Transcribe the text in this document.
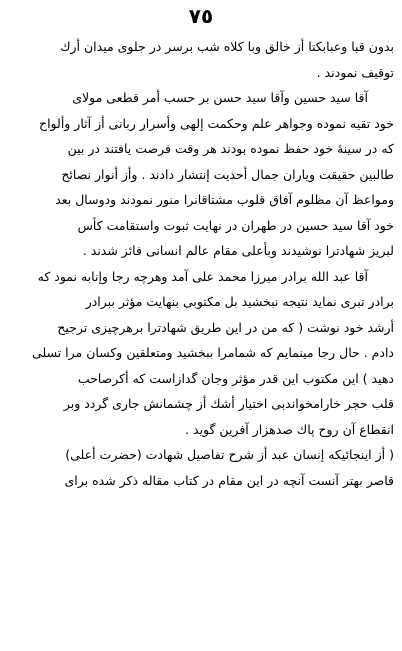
٧٥
بدون قبا وعبابكتا أز خالق وبا كلاه شب برسر در جلوى ميدان أرك
توقيف نمودند .
آقا سيد حسين وآقا سيد حسن بر حسب أمر قطعى مولاى
خود تقيه نموده وجواهر علم وحكمت إلهى وأسرار ربانى أز آثار وألواح
كه در سينهٔ خود حفظ نموده بودند هر وقت فرصت يافتند در بين
طالبين حقيقت وياران جمال أحديت إنتشار دادند . وأز أنوار نصائح
ومواعظ آن مظلوم آفاق قلوب مشتاقانرا منور نمودند ودوسال بعد
خود آقا سيد حسين در طهران در نهايت ثبوت واستقامت كأس
لبريز شهادترا نوشيدند وبأعلى مقام عالم انسانى فائز شدند .
آقا عبد الله برادر ميرزا محمد على آمد وهرچه رجا وإنابه نمود كه
برادر تبرى نمايد نتيجه نبخشيد بل مكتوبى بنهايت مؤثر ببرادر
أرشد خود نوشت ( كه من در اين طريق شهادترا برهرچيزى ترجيح
دادم . حال رجا مينمايم كه شمامرا ببخشيد ومتعلقين وكسان مرا تسلى
دهيد ) اين مكتوب اين قدر مؤثر وجان گدازاست كه أكرصاحب
قلب حجر خارامخواندبى اختيار أشك أز چشمانش جارى گردد وبر
انقطاع آن روح پاك صدهزار آفرين گويد .
( أز اينجائيكه إنسان عبد أز شرح تفاصيل شهادت (حضرت أعلى)
قاصر بهتر آنست آنچه در اين مقام در كتاب مقاله ذكر شده براى
